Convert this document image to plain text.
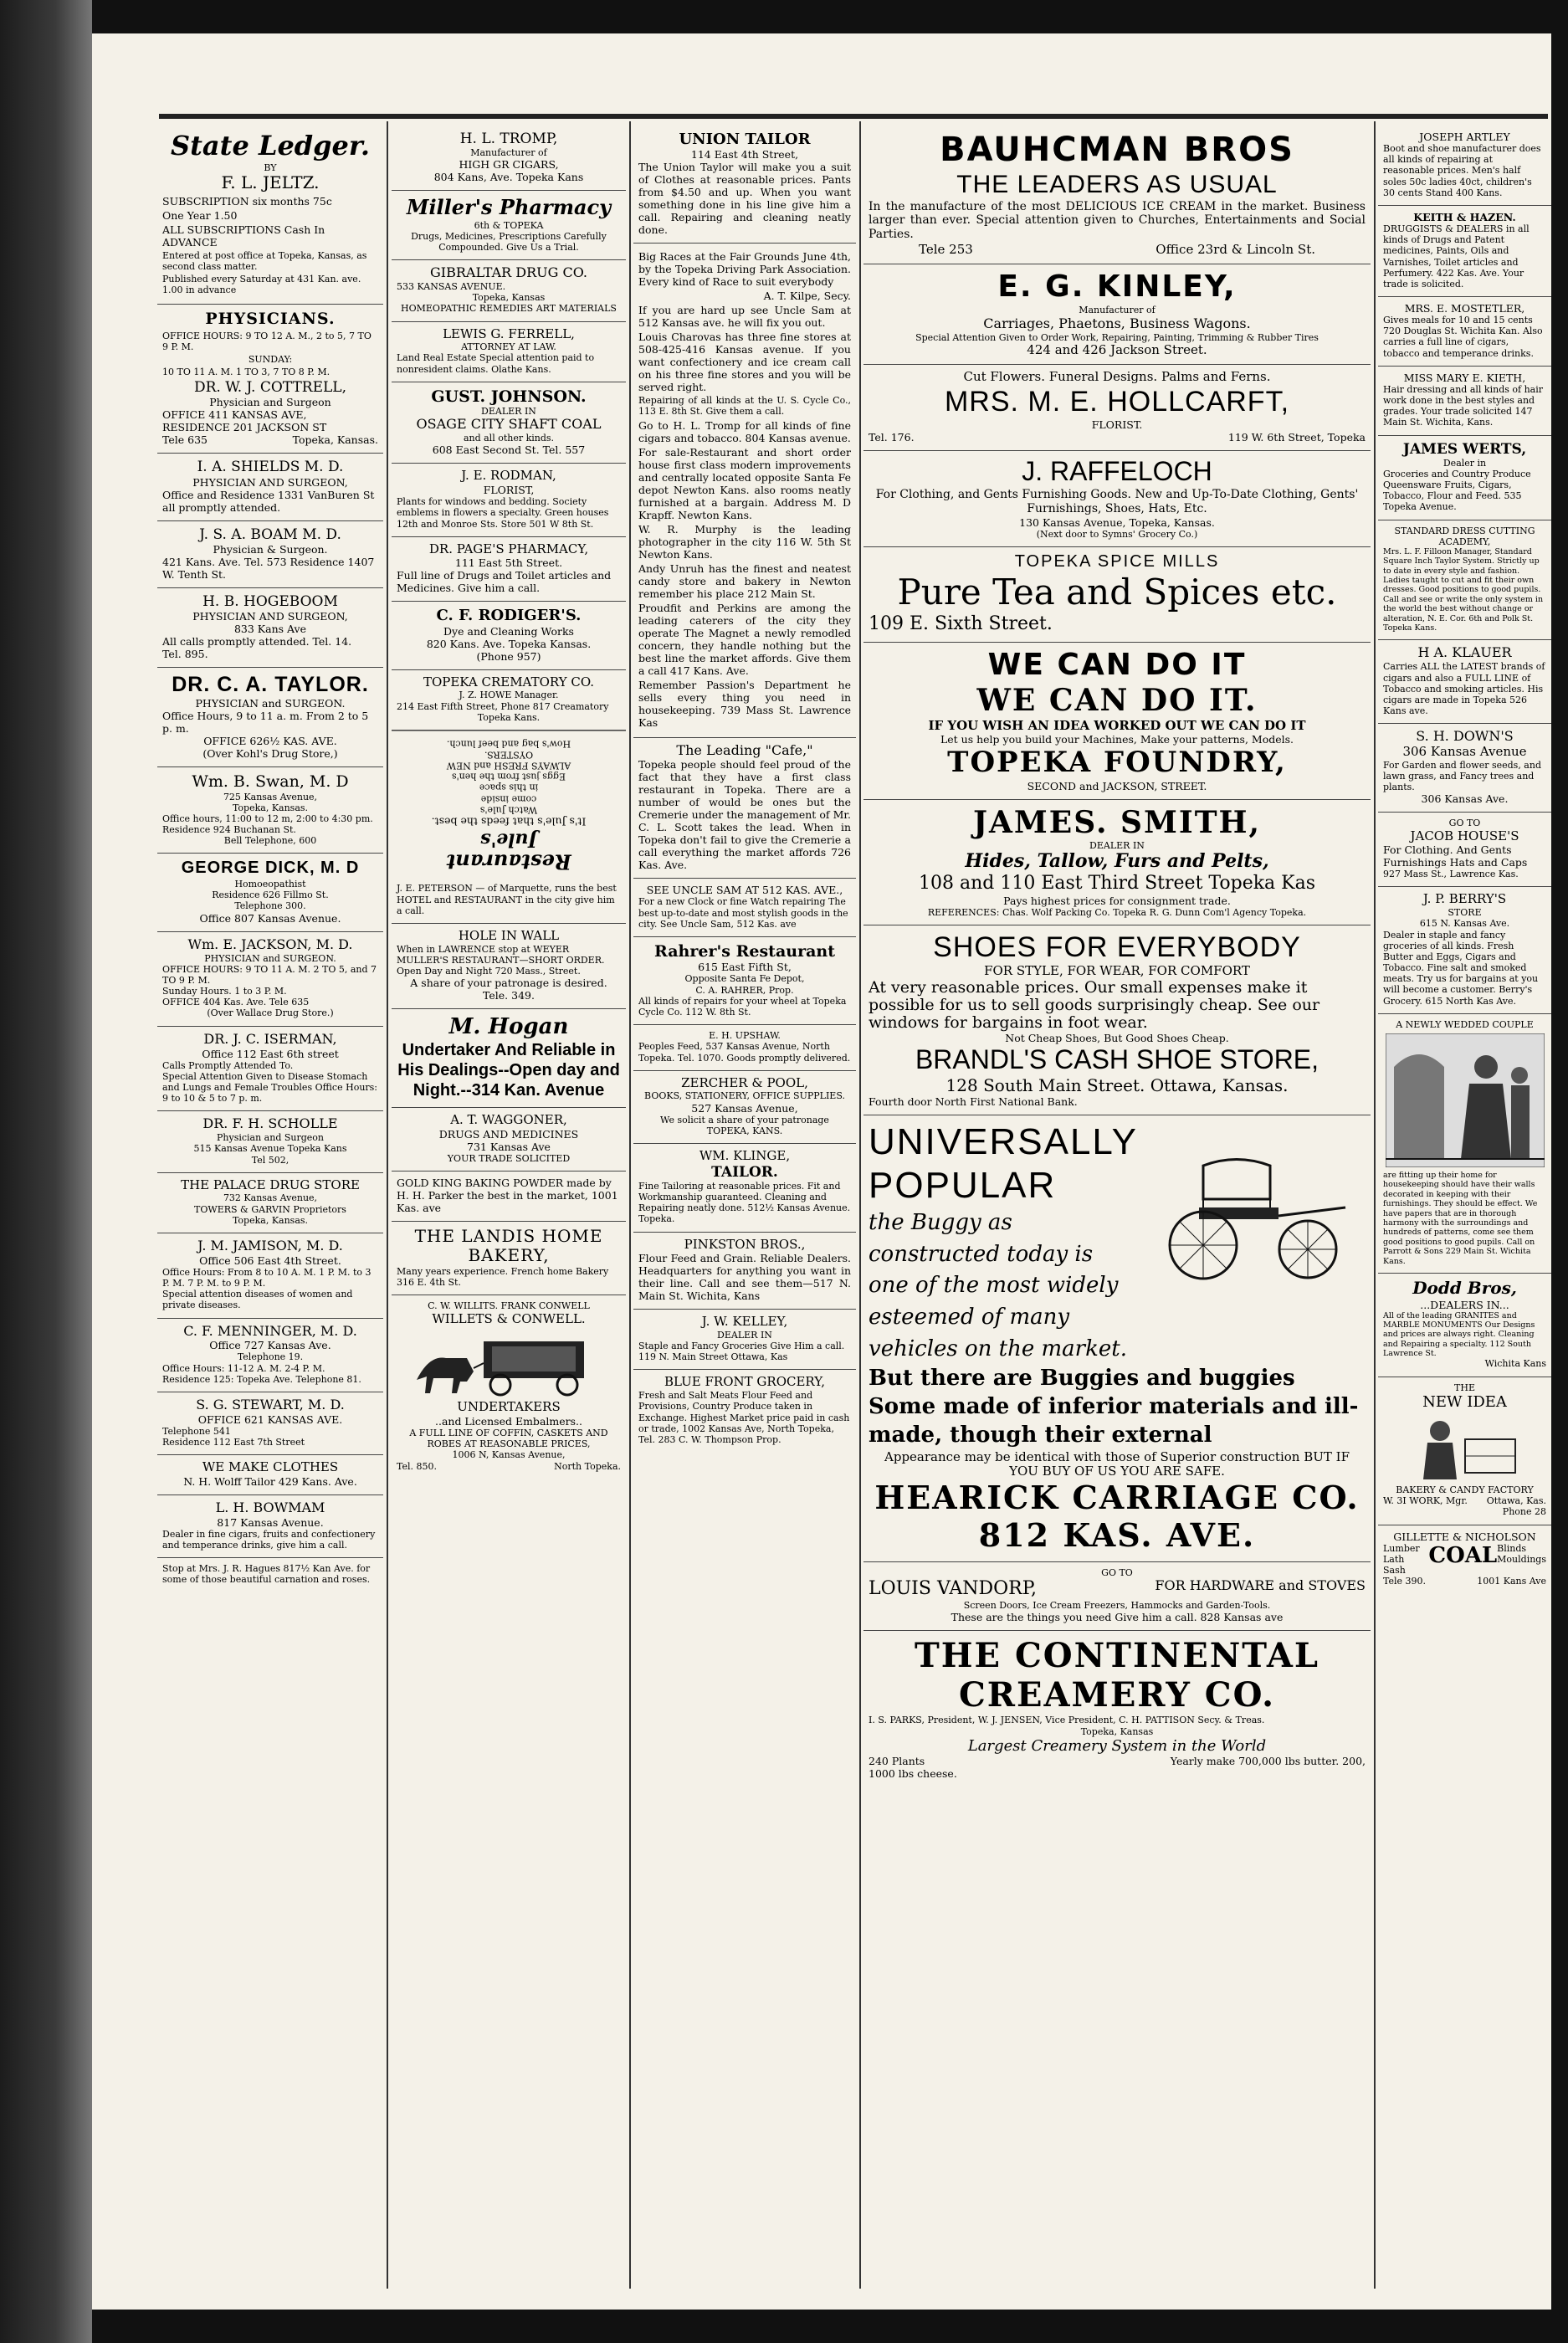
State Ledger.
BY
F. L. JELTZ.

SUBSCRIPTION six months 75c

One Year 1.50

ALL SUBSCRIPTIONS Cash In ADVANCE

Entered at post office at Topeka, Kansas, as second class matter.

Published every Saturday at 431 Kan. ave. 1.00 in advance

PHYSICIANS.

OFFICE HOURS: 9 TO 12 A. M., 2 to 5, 7 TO 9 P. M.

SUNDAY:

10 TO 11 A. M. 1 TO 3, 7 TO 8 P. M.

DR. W. J. COTTRELL,
Physician and Surgeon
OFFICE 411 KANSAS AVE,
RESIDENCE 201 JACKSON ST
Tele 635	Topeka, Kansas.
I. A. SHIELDS M. D.
PHYSICIAN AND SURGEON,
Office and Residence 1331 VanBuren St all promptly attended.
J. S. A. BOAM M. D.
Physician & Surgeon.
421 Kans. Ave. Tel. 573 Residence 1407 W. Tenth St.
H. B. HOGEBOOM
PHYSICIAN AND SURGEON,
833 Kans Ave
All calls promptly attended. Tel. 14.
Tel. 895.
DR. C. A. TAYLOR.
PHYSICIAN and SURGEON.
Office Hours, 9 to 11 a. m. From 2 to 5 p. m.
OFFICE 626½ KAS. AVE.
(Over Kohl's Drug Store,)
Wm. B. Swan, M. D
725 Kansas Avenue,
Topeka, Kansas.
Office hours, 11:00 to 12 m, 2:00 to 4:30 pm.
Residence 924 Buchanan St.
Bell Telephone, 600
GEORGE DICK, M. D
Homoeopathist
Residence 626 Fillmo St.
Telephone 300.
Office 807 Kansas Avenue.
Wm. E. JACKSON, M. D.
PHYSICIAN and SURGEON.
OFFICE HOURS: 9 TO 11 A. M. 2 TO 5, and 7 TO 9 P. M.
Sunday Hours. 1 to 3 P. M.
OFFICE 404 Kas. Ave. Tele 635
(Over Wallace Drug Store.)
DR. J. C. ISERMAN,
Office 112 East 6th street
Calls Promptly Attended To.
Special Attention Given to Disease Stomach and Lungs and Female Troubles Office Hours: 9 to 10 & 5 to 7 p. m.
DR. F. H. SCHOLLE
Physician and Surgeon
515 Kansas Avenue Topeka Kans
Tel 502,
THE PALACE DRUG STORE
732 Kansas Avenue,
TOWERS & GARVIN Proprietors
Topeka, Kansas.
J. M. JAMISON, M. D.
Office 506 East 4th Street.
Office Hours: From 8 to 10 A. M. 1 P. M. to 3 P. M. 7 P. M. to 9 P. M.
Special attention diseases of women and private diseases.
C. F. MENNINGER, M. D.
Office 727 Kansas Ave.
Telephone 19.
Office Hours: 11-12 A. M. 2-4 P. M.
Residence 125: Topeka Ave. Telephone 81.
S. G. STEWART, M. D.
OFFICE 621 KANSAS AVE.
Telephone 541
Residence 112 East 7th Street
WE MAKE CLOTHES
N. H. Wolff Tailor 429 Kans. Ave.
L. H. BOWMAM
817 Kansas Avenue.
Dealer in fine cigars, fruits and confectionery and temperance drinks, give him a call.
Stop at Mrs. J. R. Hagues 817½ Kan Ave. for some of those beautiful carnation and roses.
H. L. TROMP,
Manufacturer of
HIGH GR CIGARS,
804 Kans, Ave. Topeka Kans
Miller's Pharmacy
6th & TOPEKA
Drugs, Medicines, Prescriptions Carefully Compounded. Give Us a Trial.
GIBRALTAR DRUG CO.
533 KANSAS AVENUE.
Topeka, Kansas
HOMEOPATHIC REMEDIES ART MATERIALS
LEWIS G. FERRELL,
ATTORNEY AT LAW.
Land Real Estate Special attention paid to nonresident claims. Olathe Kans.
GUST. JOHNSON.
DEALER IN
OSAGE CITY SHAFT COAL
and all other kinds.
608 East Second St. Tel. 557
J. E. RODMAN,
FLORIST,
Plants for windows and bedding. Society emblems in flowers a specialty. Green houses 12th and Monroe Sts. Store 501 W 8th St.
DR. PAGE'S PHARMACY,
111 East 5th Street.
Full line of Drugs and Toilet articles and Medicines. Give him a call.
C. F. RODIGER'S.
Dye and Cleaning Works
820 Kans. Ave. Topeka Kansas.
(Phone 957)
TOPEKA CREMATORY CO.
J. Z. HOWE Manager.
214 East Fifth Street, Phone 817 Creamatory
Topeka Kans.
Restaurant
Jule's
It's Jule's that feeds the best.
Watch Jule's
come inside
in this space
Eggs just from the hen's
ALWAYS FRESH and NEW
OYSTERS.
How's bag and beef lunch.
J. E. PETERSON — of Marquette, runs the best HOTEL and RESTAURANT in the city give him a call.
HOLE IN WALL
When in LAWRENCE stop at WEYER MULLER'S RESTAURANT—SHORT ORDER. Open Day and Night 720 Mass., Street.
A share of your patronage is desired.
Tele. 349.
M. Hogan
Undertaker And Reliable in His Dealings--Open day and Night.--314 Kan. Avenue
A. T. WAGGONER,
DRUGS AND MEDICINES
731 Kansas Ave
YOUR TRADE SOLICITED
GOLD KING BAKING POWDER made by H. H. Parker the best in the market, 1001 Kas. ave
THE LANDIS HOME BAKERY,
Many years experience. French home Bakery 316 E. 4th St.
C. W. WILLITS. FRANK CONWELL
WILLETS & CONWELL.
UNDERTAKERS
..and Licensed Embalmers..
A FULL LINE OF COFFIN, CASKETS AND ROBES AT REASONABLE PRICES,
1006 N, Kansas Avenue,
Tel. 850.	North Topeka.
UNION TAILOR
114 East 4th Street,
The Union Taylor will make you a suit of Clothes at reasonable prices. Pants from $4.50 and up. When you want something done in his line give him a call. Repairing and cleaning neatly done.

Big Races at the Fair Grounds June 4th, by the Topeka Driving Park Association. Every kind of Race to suit everybody

A. T. Kilpe, Secy.

If you are hard up see Uncle Sam at 512 Kansas ave. he will fix you out.

Louis Charovas has three fine stores at 508-425-416 Kansas avenue. If you want confectionery and ice cream call on his three fine stores and you will be served right.

Repairing of all kinds at the U. S. Cycle Co., 113 E. 8th St. Give them a call.

Go to H. L. Tromp for all kinds of fine cigars and tobacco. 804 Kansas avenue.

For sale-Restaurant and short order house first class modern improvements and centrally located opposite Santa Fe depot Newton Kans. also rooms neatly furnished at a bargain. Address M. D Krapff. Newton Kans.

W. R. Murphy is the leading photographer in the city 116 W. 5th St Newton Kans.

Andy Unruh has the finest and neatest candy store and bakery in Newton remember his place 212 Main St.

Proudfit and Perkins are among the leading caterers of the city they operate The Magnet a newly remodled concern, they handle nothing but the best line the market affords. Give them a call 417 Kans. Ave.

Remember Passion's Department he sells every thing you need in housekeeping. 739 Mass St. Lawrence Kas

The Leading "Cafe,"
Topeka people should feel proud of the fact that they have a first class restaurant in Topeka. There are a number of would be ones but the Cremerie under the management of Mr. C. L. Scott takes the lead. When in Topeka don't fail to give the Cremerie a call everything the market affords 726 Kas. Ave.
SEE UNCLE SAM AT 512 KAS. AVE.,
For a new Clock or fine Watch repairing The best up-to-date and most stylish goods in the city. See Uncle Sam, 512 Kas. ave
Rahrer's Restaurant
615 East Fifth St,
Opposite Santa Fe Depot,
C. A. RAHRER, Prop.
All kinds of repairs for your wheel at Topeka Cycle Co. 112 W. 8th St.
E. H. UPSHAW.
Peoples Feed, 537 Kansas Avenue, North Topeka. Tel. 1070. Goods promptly delivered.
ZERCHER & POOL,
BOOKS, STATIONERY, OFFICE SUPPLIES.
527 Kansas Avenue,
We solicit a share of your patronage TOPEKA, KANS.
WM. KLINGE,
TAILOR.
Fine Tailoring at reasonable prices. Fit and Workmanship guaranteed. Cleaning and Repairing neatly done. 512½ Kansas Avenue. Topeka.
PINKSTON BROS.,
Flour Feed and Grain. Reliable Dealers. Headquarters for anything you want in their line. Call and see them—517 N. Main St. Wichita, Kans
J. W. KELLEY,
DEALER IN
Staple and Fancy Groceries Give Him a call. 119 N. Main Street Ottawa, Kas
BLUE FRONT GROCERY,
Fresh and Salt Meats Flour Feed and Provisions, Country Produce taken in Exchange. Highest Market price paid in cash or trade, 1002 Kansas Ave, North Topeka, Tel. 283 C. W. Thompson Prop.
BAUHCMAN BROS
THE LEADERS AS USUAL
In the manufacture of the most DELICIOUS ICE CREAM in the market. Business larger than ever. Special attention given to Churches, Entertainments and Social Parties.
Tele 253	Office 23rd & Lincoln St.
E. G. KINLEY,
Manufacturer of
Carriages, Phaetons, Business Wagons.
Special Attention Given to Order Work, Repairing, Painting, Trimming & Rubber Tires
424 and 426 Jackson Street.
Cut Flowers. Funeral Designs. Palms and Ferns.
MRS. M. E. HOLLCARFT,
FLORIST.
Tel. 176.	119 W. 6th Street, Topeka
J. RAFFELOCH
For Clothing, and Gents Furnishing Goods. New and Up-To-Date Clothing, Gents' Furnishings, Shoes, Hats, Etc.
130 Kansas Avenue, Topeka, Kansas.
(Next door to Symns' Grocery Co.)
TOPEKA SPICE MILLS
Pure Tea and Spices etc.
109 E. Sixth Street.
WE CAN DO IT
WE CAN DO IT.
IF YOU WISH AN IDEA WORKED OUT WE CAN DO IT
Let us help you build your Machines, Make your patterns, Models.
TOPEKA FOUNDRY,
SECOND and JACKSON, STREET.
JAMES. SMITH,
DEALER IN
Hides, Tallow, Furs and Pelts,
108 and 110 East Third Street Topeka Kas
Pays highest prices for consignment trade.
REFERENCES: Chas. Wolf Packing Co. Topeka R. G. Dunn Com'l Agency Topeka.
SHOES FOR EVERYBODY
FOR STYLE, FOR WEAR, FOR COMFORT
At very reasonable prices. Our small expenses make it possible for us to sell goods surprisingly cheap. See our windows for bargains in foot wear.
Not Cheap Shoes, But Good Shoes Cheap.
BRANDL'S CASH SHOE STORE,
128 South Main Street. Ottawa, Kansas.
Fourth door North First National Bank.
UNIVERSALLY
POPULAR
the Buggy as constructed today is one of the most widely esteemed of many vehicles on the market.
But there are Buggies and buggies Some made of inferior materials and ill-made, though their external
Appearance may be identical with those of Superior construction BUT IF YOU BUY OF US YOU ARE SAFE.
HEARICK CARRIAGE CO.
812 KAS. AVE.
GO TO
LOUIS VANDORP,	FOR HARDWARE and STOVES
Screen Doors, Ice Cream Freezers, Hammocks and Garden-Tools.
These are the things you need Give him a call. 828 Kansas ave
THE CONTINENTAL
CREAMERY CO.
I. S. PARKS, President, W. J. JENSEN, Vice President, C. H. PATTISON Secy. & Treas.
Topeka, Kansas
Largest Creamery System in the World
240 Plants	Yearly make 700,000 lbs butter. 200,
1000 lbs cheese.
JOSEPH ARTLEY
Boot and shoe manufacturer does all kinds of repairing at reasonable prices. Men's half soles 50c ladies 40ct, children's 30 cents Stand 400 Kans.
KEITH & HAZEN.
DRUGGISTS & DEALERS in all kinds of Drugs and Patent medicines, Paints, Oils and Varnishes, Toilet articles and Perfumery. 422 Kas. Ave. Your trade is solicited.
MRS. E. MOSTETLER,
Gives meals for 10 and 15 cents 720 Douglas St. Wichita Kan. Also carries a full line of cigars, tobacco and temperance drinks.
MISS MARY E. KIETH,
Hair dressing and all kinds of hair work done in the best styles and grades. Your trade solicited 147 Main St. Wichita, Kans.
JAMES WERTS,
Dealer in
Groceries and Country Produce Queensware Fruits, Cigars, Tobacco, Flour and Feed. 535 Topeka Avenue.
STANDARD DRESS CUTTING ACADEMY,
Mrs. L. F. Filloon Manager, Standard Square Inch Taylor System. Strictly up to date in every style and fashion. Ladies taught to cut and fit their own dresses. Good positions to good pupils. Call and see or write the only system in the world the best without change or alteration, N. E. Cor. 6th and Polk St. Topeka Kans.
H A. KLAUER
Carries ALL the LATEST brands of cigars and also a FULL LINE of Tobacco and smoking articles. His cigars are made in Topeka 526 Kans ave.
S. H. DOWN'S
306 Kansas Avenue
For Garden and flower seeds, and lawn grass, and Fancy trees and plants.
306 Kansas Ave.
GO TO
JACOB HOUSE'S
For Clothing. And Gents Furnishings Hats and Caps
927 Mass St., Lawrence Kas.
J. P. BERRY'S
STORE
615 N. Kansas Ave.
Dealer in staple and fancy groceries of all kinds. Fresh Butter and Eggs, Cigars and Tobacco. Fine salt and smoked meats. Try us for bargains at you will become a customer. Berry's Grocery. 615 North Kas Ave.
A NEWLY WEDDED COUPLE
are fitting up their home for housekeeping should have their walls decorated in keeping with their furnishings. They should be effect. We have papers that are in thorough harmony with the surroundings and hundreds of patterns, come see them good positions to good pupils. Call on Parrott & Sons 229 Main St. Wichita Kans.
Dodd Bros,
...DEALERS IN...
All of the leading GRANITES and MARBLE MONUMENTS Our Designs and prices are always right. Cleaning and Repairing a specialty. 112 South Lawrence St.
Wichita Kans
THE
NEW IDEA
BAKERY & CANDY FACTORY
W. 3I WORK, Mgr. Ottawa, Kas.
Phone 28
GILLETTE & NICHOLSON
Lumber Lath Sash
COAL Blinds Mouldings
Tele 390.	1001 Kans Ave
